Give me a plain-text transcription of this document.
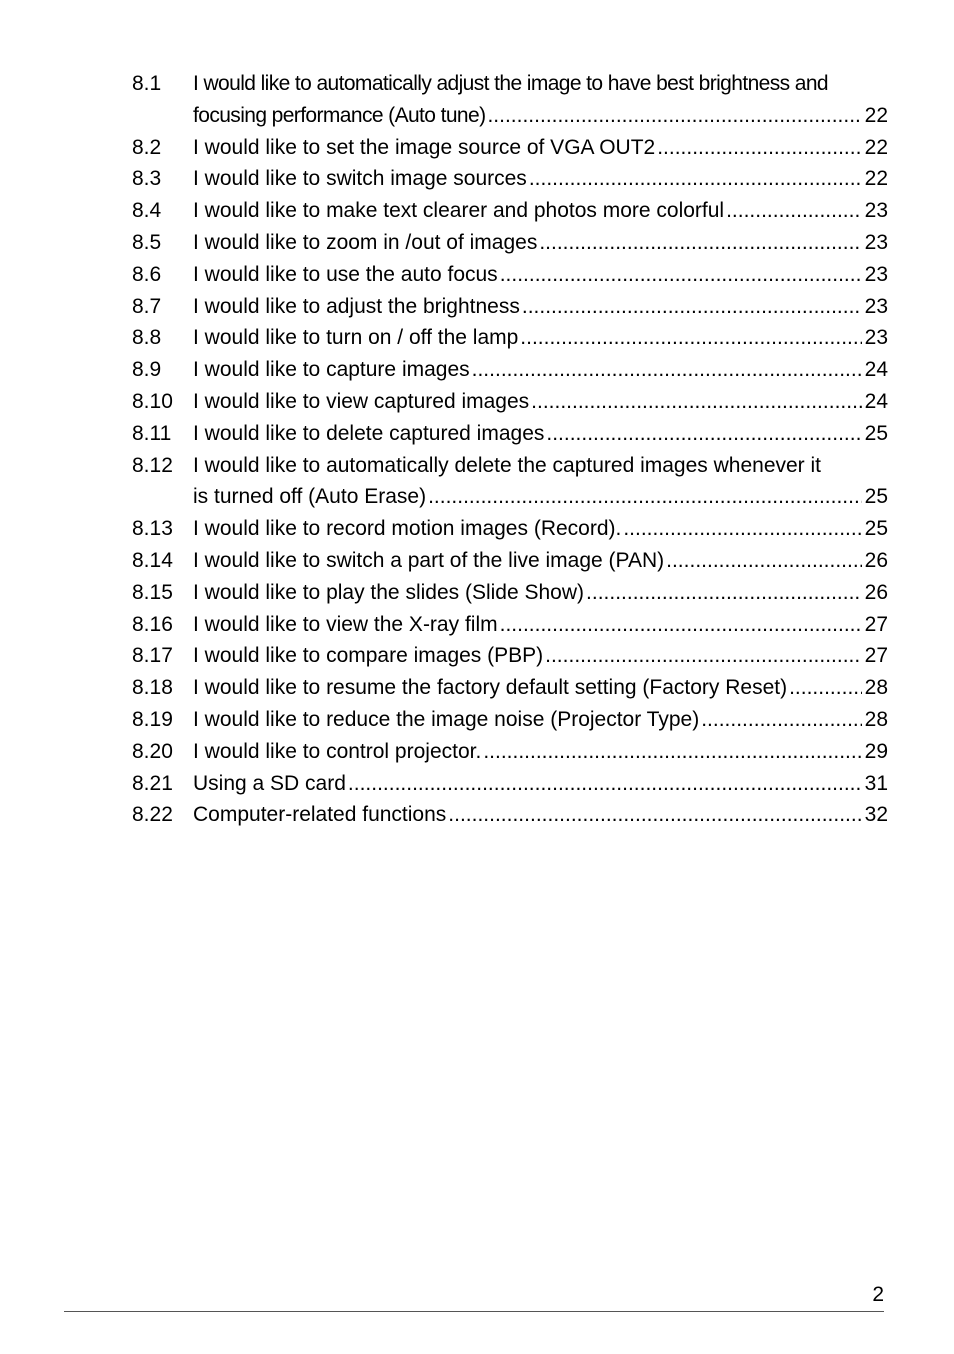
8.1	I would like to automatically adjust the image to have best brightness and
focusing performance (Auto tune) .....	22
8.2	I would like to set the image source of VGA OUT2 .....	22
8.3	I would like to switch image sources .....	22
8.4	I would like to make text clearer and photos more colorful .....	23
8.5	I would like to zoom in /out of images .....	23
8.6	I would like to use the auto focus .....	23
8.7	I would like to adjust the brightness .....	23
8.8	I would like to turn on / off the lamp .....	23
8.9	I would like to capture images .....	24
8.10 I would like to view captured images .....	24
8.11	I would like to delete captured images .....	25
8.12 I would like to automatically delete the captured images whenever it
is turned off (Auto Erase) .....	25
8.13 I would like to record motion images (Record). .....	25
8.14 I would like to switch a part of the live image (PAN) .....	26
8.15 I would like to play the slides (Slide Show) .....	26
8.16 I would like to view the X-ray film .....	27
8.17 I would like to compare images (PBP) .....	27
8.18 I would like to resume the factory default setting (Factory Reset) .....	28
8.19 I would like to reduce the image noise (Projector Type) .....	28
8.20 I would like to control projector. .....	29
8.21 Using a SD card .....	31
8.22 Computer-related functions .....	32
2
